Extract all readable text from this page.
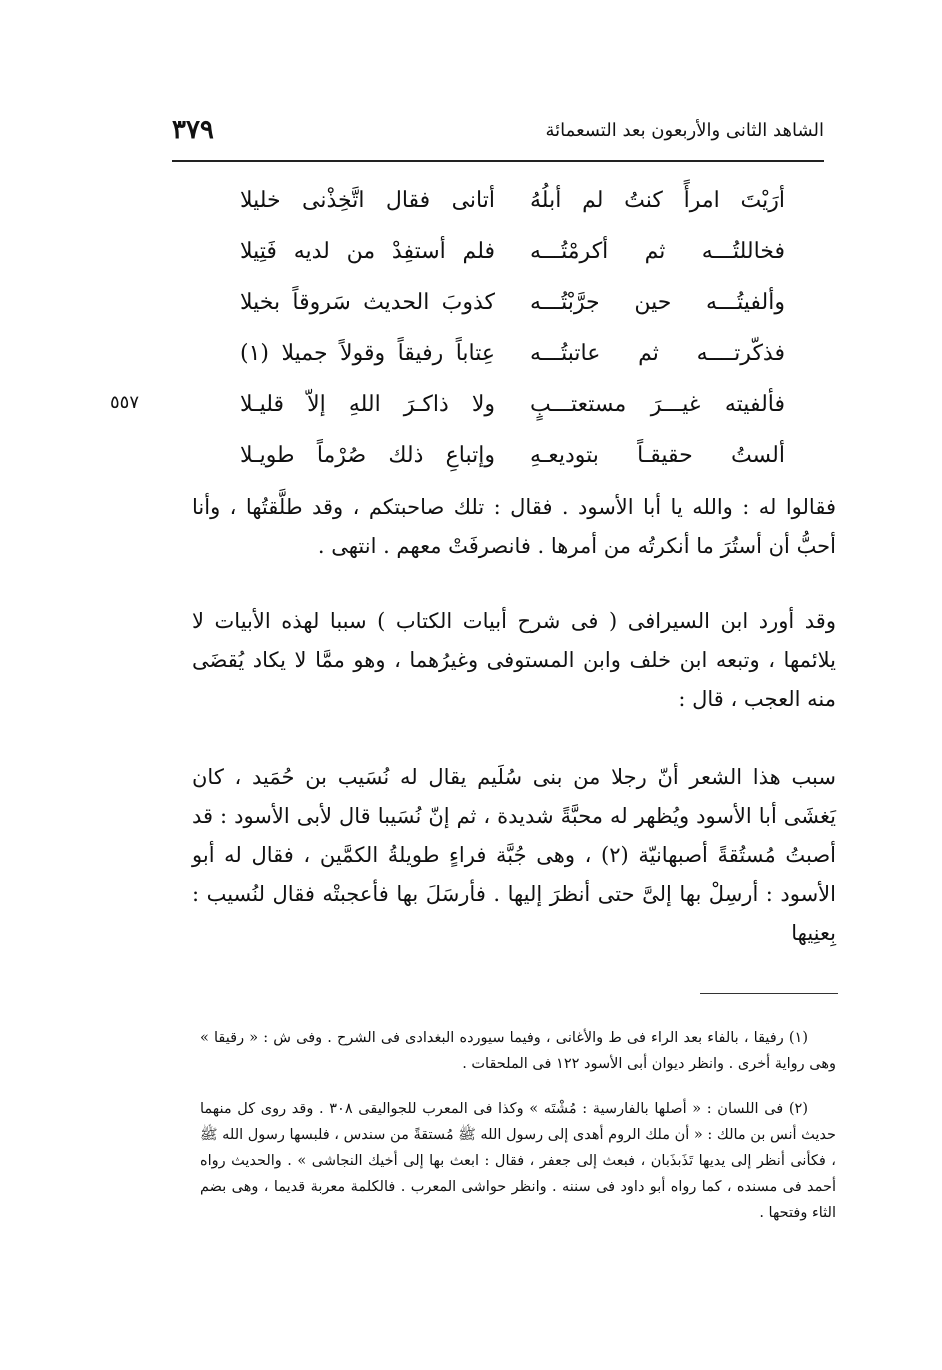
الشاهد الثانى والأربعون بعد التسعمائة
٣٧٩
٥٥٧
أرَيْتَ امرأً كنتُ لم أبلُهُ
أتانى فقال اتَّخِذْنى خليلا
فخاللتُـــه ثم أكرمْتُـــه
فلم أستفِدْ من لديه فَتِيلا
وألفيتُـــه حين جرَّبْتُـــه
كذوبَ الحديث سَروقاً بخيلا
فذكّرتــــه ثم عاتبتُـــه
عِتاباً رفيقاً وقولاً جميلا (١)
فألفيته غيـــرَ مستعتـــبٍ
ولا ذاكـرَ اللهِ إلاّ قليـلا
ألستُ حقيقـاً بتوديعـهِ
وإتباعِ ذلك صُرْماً طويـلا
فقالوا له : والله يا أبا الأسود . فقال : تلك صاحبتكم ، وقد طلَّقتُها ، وأنا أحبُّ أن أستُرَ ما أنكرتُه من أمرها . فانصرفَتْ معهم . انتهى .
وقد أورد ابن السيرافى ( فى شرح أبيات الكتاب ) سببا لهذه الأبيات لا يلائمها ، وتبعه ابن خلف وابن المستوفى وغيرُهما ، وهو ممَّا لا يكاد يُقضَى منه العجب ، قال :
سبب هذا الشعر أنّ رجلا من بنى سُلَيم يقال له نُسَيب بن حُمَيد ، كان يَغشَى أبا الأسود ويُظهر له محبَّةً شديدة ، ثم إنّ نُسَيبا قال لأبى الأسود : قد أصبتُ مُستُقةً أصبهانيّة (٢) ، وهى جُبَّة فراءٍ طويلةُ الكمَّين ، فقال له أبو الأسود : أرسِلْ بها إلىَّ حتى أنظرَ إليها . فأرسَلَ بها فأعجبتْه فقال لنُسيب : بِعنِيها
(١) رفيقا ، بالفاء بعد الراء فى ط والأغانى ، وفيما سيورده البغدادى فى الشرح . وفى ش : « رقيقا » وهى رواية أخرى . وانظر ديوان أبى الأسود ١٢٢ فى الملحقات .
(٢) فى اللسان : « أصلها بالفارسية : مُشْتَه » وكذا فى المعرب للجواليقى ٣٠٨ . وقد روى كل منهما حديث أنس بن مالك : « أن ملك الروم أهدى إلى رسول الله ﷺ مُستقةً من سندس ، فلبسها رسول الله ﷺ ، فكأنى أنظر إلى يديها تَذَبذَبان ، فبعث إلى جعفر ، فقال : ابعث بها إلى أخيك النجاشى » . والحديث رواه أحمد فى مسنده ، كما رواه أبو داود فى سننه . وانظر حواشى المعرب . فالكلمة معربة قديما ، وهى بضم الثاء وفتحها .
